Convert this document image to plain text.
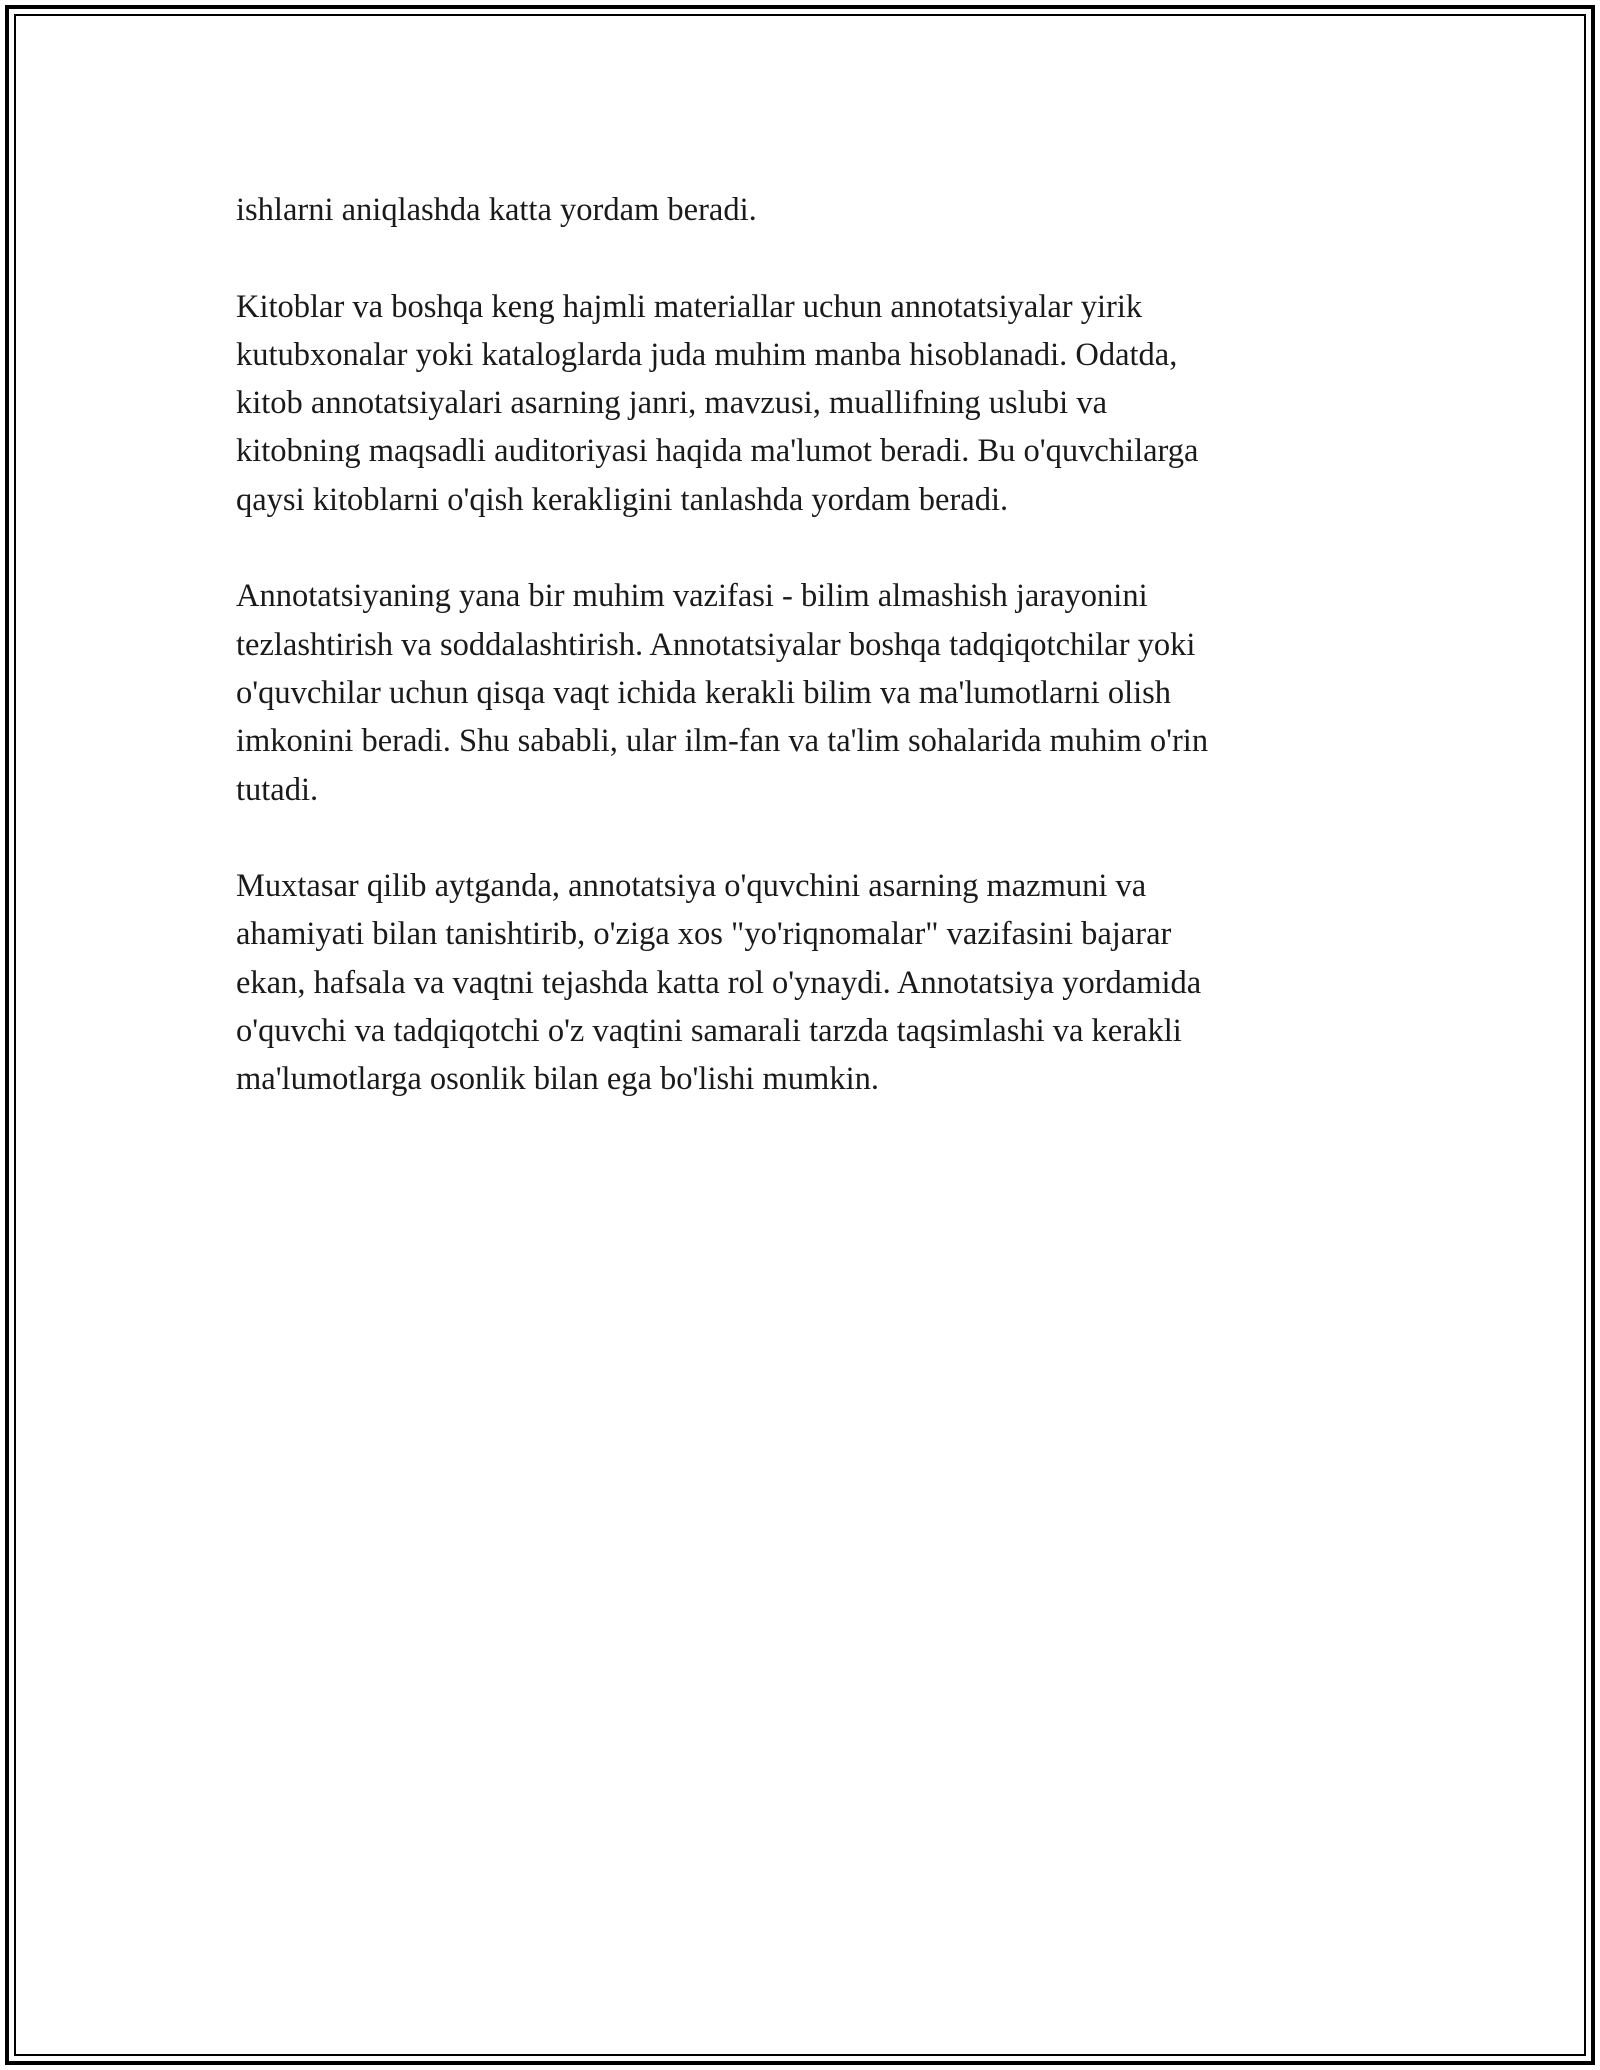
ishlarni aniqlashda katta yordam beradi.

Kitoblar va boshqa keng hajmli materiallar uchun annotatsiyalar yirik
kutubxonalar yoki kataloglarda juda muhim manba hisoblanadi. Odatda,
kitob annotatsiyalari asarning janri, mavzusi, muallifning uslubi va
kitobning maqsadli auditoriyasi haqida ma'lumot beradi. Bu o'quvchilarga
qaysi kitoblarni o'qish kerakligini tanlashda yordam beradi.

Annotatsiyaning yana bir muhim vazifasi - bilim almashish jarayonini
tezlashtirish va soddalashtirish. Annotatsiyalar boshqa tadqiqotchilar yoki
o'quvchilar uchun qisqa vaqt ichida kerakli bilim va ma'lumotlarni olish
imkonini beradi. Shu sababli, ular ilm-fan va ta'lim sohalarida muhim o'rin
tutadi.

Muxtasar qilib aytganda, annotatsiya o'quvchini asarning mazmuni va
ahamiyati bilan tanishtirib, o'ziga xos "yo'riqnomalar" vazifasini bajarar
ekan, hafsala va vaqtni tejashda katta rol o'ynaydi. Annotatsiya yordamida
o'quvchi va tadqiqotchi o'z vaqtini samarali tarzda taqsimlashi va kerakli
ma'lumotlarga osonlik bilan ega bo'lishi mumkin.
